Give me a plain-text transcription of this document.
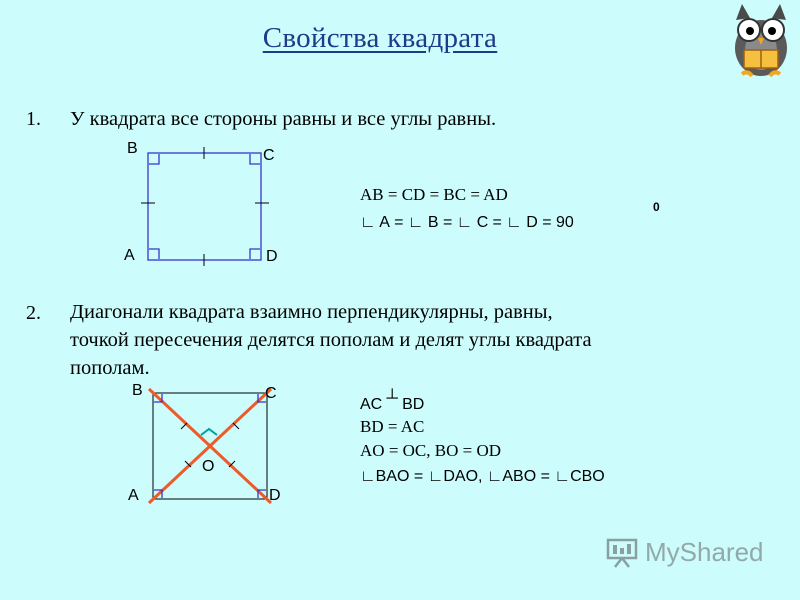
Свойства квадрата
1. У квадрата все стороны равны и все углы равны.
B	C
A	D
AB = CD = BC = AD
∟ A = ∟ B = ∟ C = ∟ D = 90
0
2. Диагонали квадрата взаимно перпендикулярны, равны,
точкой пересечения делятся пополам и делят углы квадрата
пополам.
B	C
A	D
O
AC ┴ BD
BD = AC
AO = OC, BO = OD
∟BAO = ∟DAO, ∟ABO = ∟CBO
MyShared
